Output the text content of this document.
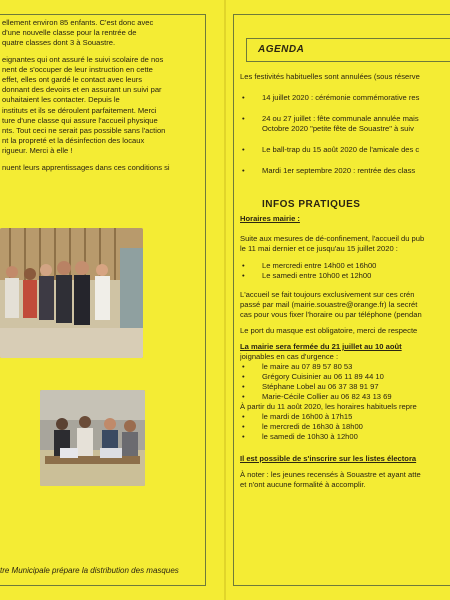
ellement environ 85 enfants. C'est donc avec

d'une nouvelle classe pour la rentrée de

quatre classes dont 3 à Souastre.

eignantes qui ont assuré le suivi scolaire de nos

nent de s'occuper de leur instruction en cette

effet, elles ont gardé le contact avec leurs

donnant des devoirs et en assurant un suivi par

ouhaitaient les contacter. Depuis le

instituts et ils se déroulent parfaitement. Merci

ture d'une classe qui assure l'accueil physique

nts. Tout ceci ne serait pas possible sans l'action

nt la propreté et la désinfection des locaux

rigueur. Merci à elle !

nuent leurs apprentissages dans ces conditions si

tre Municipale prépare la distribution des masques
AGENDA

Les festivités habituelles sont annulées (sous réserve

• 14 juillet 2020 : cérémonie commémorative res

• 24 ou 27 juillet : fête communale annulée mais

Octobre 2020 "petite fête de Souastre" à suiv

• Le ball-trap du 15 août 2020 de l'amicale des c

• Mardi 1er septembre 2020 : rentrée des class

INFOS PRATIQUES

Horaires mairie :

Suite aux mesures de dé-confinement, l'accueil du pub

le 11 mai dernier et ce jusqu'au 15 juillet 2020 :

• Le mercredi entre 14h00 et 16h00

• Le samedi entre 10h00 et 12h00

L'accueil se fait toujours exclusivement sur ces crén

passé par mail (mairie.souastre@orange.fr) la secrét

cas pour vous fixer l'horaire ou par téléphone (pendan

Le port du masque est obligatoire, merci de respecte

La mairie sera fermée du 21 juillet au 10 août

joignables en cas d'urgence :

• le maire au 07 89 57 80 53

• Grégory Cuisinier au 06 11 89 44 10

• Stéphane Lobel au 06 37 38 91 97

• Marie-Cécile Collier au 06 82 43 13 69

À partir du 11 août 2020, les horaires habituels repre

• le mardi de 16h00 à 17h15

• le mercredi de 16h30 à 18h00

• le samedi de 10h30 à 12h00

Il est possible de s'inscrire sur les listes électora

À noter : les jeunes recensés à Souastre et ayant atte

et n'ont aucune formalité à accomplir.
